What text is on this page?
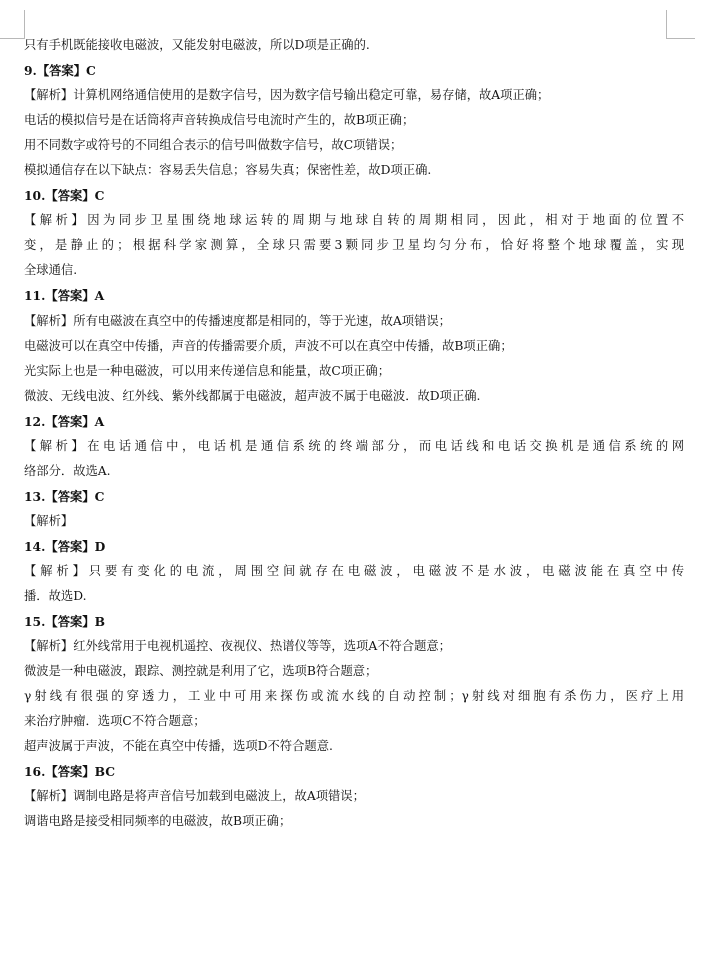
只有手机既能接收电磁波，又能发射电磁波，所以D项是正确的.
9.【答案】C
【解析】计算机网络通信使用的是数字信号，因为数字信号输出稳定可靠，易存储，故A项正确；
电话的模拟信号是在话筒将声音转换成信号电流时产生的，故B项正确；
用不同数字或符号的不同组合表示的信号叫做数字信号，故C项错误；
模拟通信存在以下缺点：容易丢失信息；容易失真；保密性差，故D项正确.
10.【答案】C
【解析】因为同步卫星围绕地球运转的周期与地球自转的周期相同，因此，相对于地面的位置不
变，是静止的；根据科学家测算，全球只需要3颗同步卫星均匀分布，恰好将整个地球覆盖，实现
全球通信.
11.【答案】A
【解析】所有电磁波在真空中的传播速度都是相同的，等于光速，故A项错误；
电磁波可以在真空中传播，声音的传播需要介质，声波不可以在真空中传播，故B项正确；
光实际上也是一种电磁波，可以用来传递信息和能量，故C项正确；
微波、无线电波、红外线、紫外线都属于电磁波，超声波不属于电磁波．故D项正确.
12.【答案】A
【解析】在电话通信中，电话机是通信系统的终端部分，而电话线和电话交换机是通信系统的网
络部分．故选A.
13.【答案】C
【解析】
14.【答案】D
【解析】只要有变化的电流，周围空间就存在电磁波，电磁波不是水波，电磁波能在真空中传
播．故选D.
15.【答案】B
【解析】红外线常用于电视机遥控、夜视仪、热谱仪等等，选项A不符合题意；
微波是一种电磁波，跟踪、测控就是利用了它，选项B符合题意；
γ射线有很强的穿透力，工业中可用来探伤或流水线的自动控制；γ射线对细胞有杀伤力，医疗上用
来治疗肿瘤．选项C不符合题意；
超声波属于声波，不能在真空中传播，选项D不符合题意.
16.【答案】BC
【解析】调制电路是将声音信号加载到电磁波上，故A项错误；
调谐电路是接受相同频率的电磁波，故B项正确；
